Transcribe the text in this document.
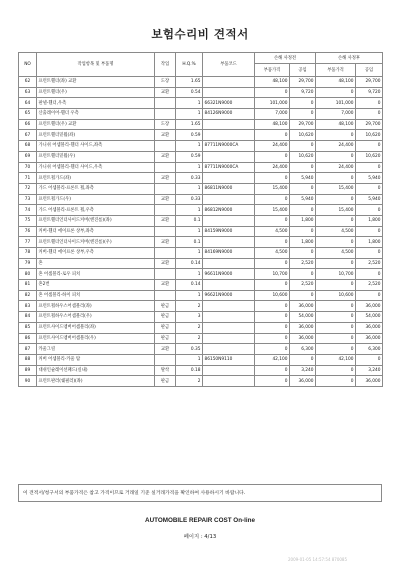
보험수리비 견적서
NO	작업항목 및 부품명	작업	H.Q.%	부품코드	손해 사정전		손해 사정후	
					부품가격	공임	부품가격	공임
62	프런트휀더(좌) 교환	도장	1.65		48,100	29,700	48,100	29,700
63	프런트휀더(우)	교환	0.54		0	9,720	0	9,720
64	판넬-휀더,우측		1	66321N9000	101,000	0	101,000	0
65	산출레이어-휀더 우측		1	84126N9000	7,000	0	7,000	0
66	프런트휀더(우) 교환	도장	1.65		48,100	29,700	48,100	29,700
67	프런트휀더밑월(좌)	교환	0.59		0	10,620	0	10,620
68	가니쉬 어셈블리-휀더 사이드,좌측		1	87711N9000CA	24,400	0	24,400	0
69	프런트휀더밑월(우)	교환	0.59		0	10,620	0	10,620
70	가니쉬 어셈블리-휀더 사이드,우측		1	87711N9000CA	24,400	0	24,400	0
71	프런트휠가드(좌)	교환	0.33		0	5,940	0	5,940
72	가드 어셈블리-프론트 휠,좌측		1	86811N9000	15,400	0	15,400	0
73	프런트휠가드(우)	교환	0.33		0	5,940	0	5,940
74	가드 어셈블리-프론트 휠,우측		1	86812N9000	15,400	0	15,400	0
75	프런트휀더언더사이드커버(엔진룸)(좌)	교환	0.1		0	1,800	0	1,800
76	커버-휀더 에이프론 상부,좌측		1	84159N9000	4,500	0	4,500	0
77	프런트휀더언더사이드커버(엔진룸)(우)	교환	0.1		0	1,800	0	1,800
78	커버-휀더 에이프론 상부,우측		1	84169N9000	4,500	0	4,500	0
79	혼	교환	0.14		0	2,520	0	2,520
80	혼 어셈블리-로우 피치		1	96611N9000	10,700	0	10,700	0
81	혼2번	교환	0.14		0	2,520	0	2,520
82	혼 어셈블리-하이 피치		1	96621N9000	10,600	0	10,600	0
83	프런트휠하우스어셈블리(좌)	판금	2		0	36,000	0	36,000
84	프런트휠하우스어셈블리(우)	판금	3		0	54,000	0	54,000
85	프런트사이드멤버어셈블리(좌)	판금	2		0	36,000	0	36,000
86	프런트사이드멤버어셈블리(우)	판금	2		0	36,000	0	36,000
87	카울그릴	교환	0.35		0	6,300	0	6,300
88	커버 어셈블리-카울 탑		1	86150N9110	42,100	0	42,100	0
89	대쉬인슐레이션패드(실내)	탈착	0.18		0	3,240	0	3,240
90	프런트판러(쉐필러)(좌)	판금	2		0	36,000	0	36,000
이 견적서/청구서의 부품가격은 참고 가격이므로 거래일 기준 실거래가격을 확인하여 사용하시기 바랍니다.
AUTOMOBILE REPAIR COST On-line
페이지 : 4/13
2009-01-05 14:57:54 870085
